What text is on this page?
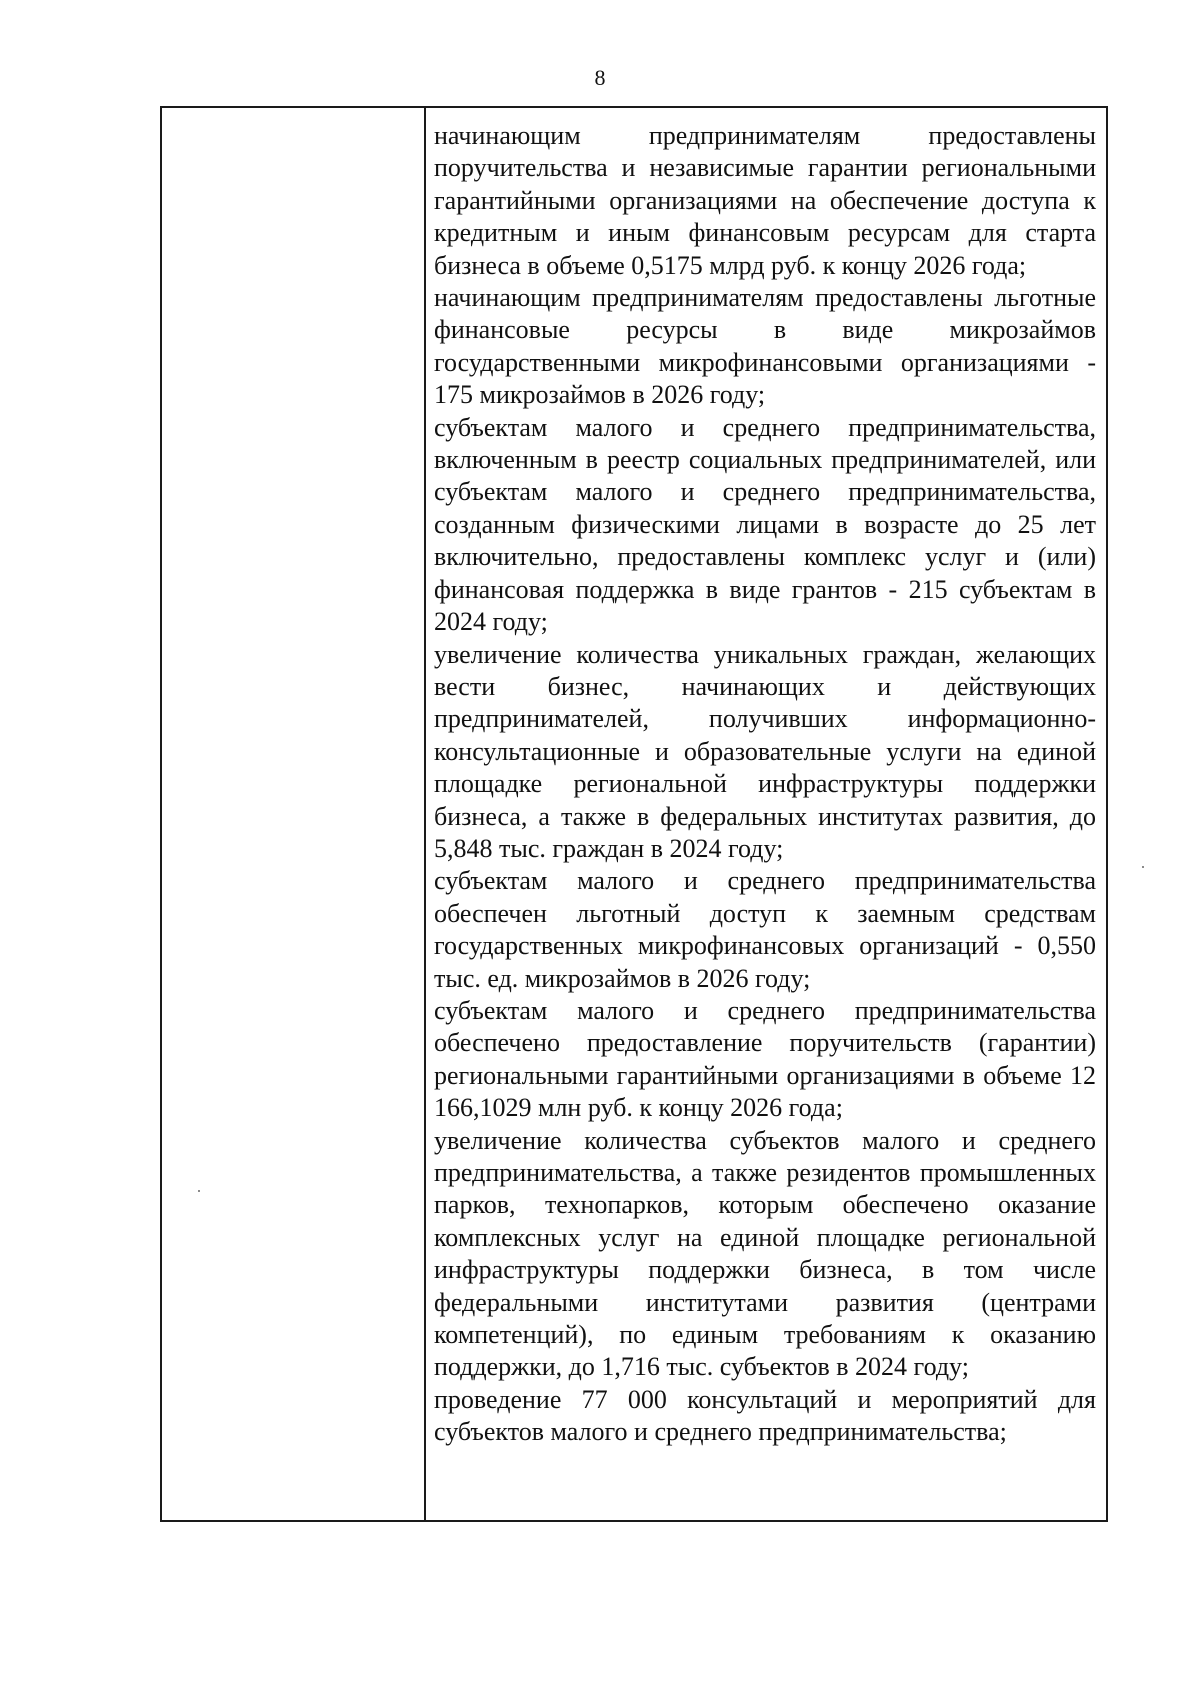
8

начинающим предпринимателям предоставлены поручительства и независимые гарантии региональными гарантийными организациями на обеспечение доступа к кредитным и иным финансовым ресурсам для старта бизнеса в объеме 0,5175 млрд руб. к концу 2026 года;

начинающим предпринимателям предоставлены льготные финансовые ресурсы в виде микрозаймов государственными микрофинансовыми организациями - 175 микрозаймов в 2026 году;

субъектам малого и среднего предпринимательства, включенным в реестр социальных предпринимателей, или субъектам малого и среднего предпринимательства, созданным физическими лицами в возрасте до 25 лет включительно, предоставлены комплекс услуг и (или) финансовая поддержка в виде грантов - 215 субъектам в 2024 году;

увеличение количества уникальных граждан, желающих вести бизнес, начинающих и действующих предпринимателей, получивших информационно-консультационные и образовательные услуги на единой площадке региональной инфраструктуры поддержки бизнеса, а также в федеральных институтах развития, до 5,848 тыс. граждан в 2024 году;

субъектам малого и среднего предпринимательства обеспечен льготный доступ к заемным средствам государственных микрофинансовых организаций - 0,550 тыс. ед. микрозаймов в 2026 году;

субъектам малого и среднего предпринимательства обеспечено предоставление поручительств (гарантии) региональными гарантийными организациями в объеме 12 166,1029 млн руб. к концу 2026 года;

увеличение количества субъектов малого и среднего предпринимательства, а также резидентов промышленных парков, технопарков, которым обеспечено оказание комплексных услуг на единой площадке региональной инфраструктуры поддержки бизнеса, в том числе федеральными институтами развития (центрами компетенций), по единым требованиям к оказанию поддержки, до 1,716 тыс. субъектов в 2024 году;

проведение 77 000 консультаций и мероприятий для субъектов малого и среднего предпринимательства;
